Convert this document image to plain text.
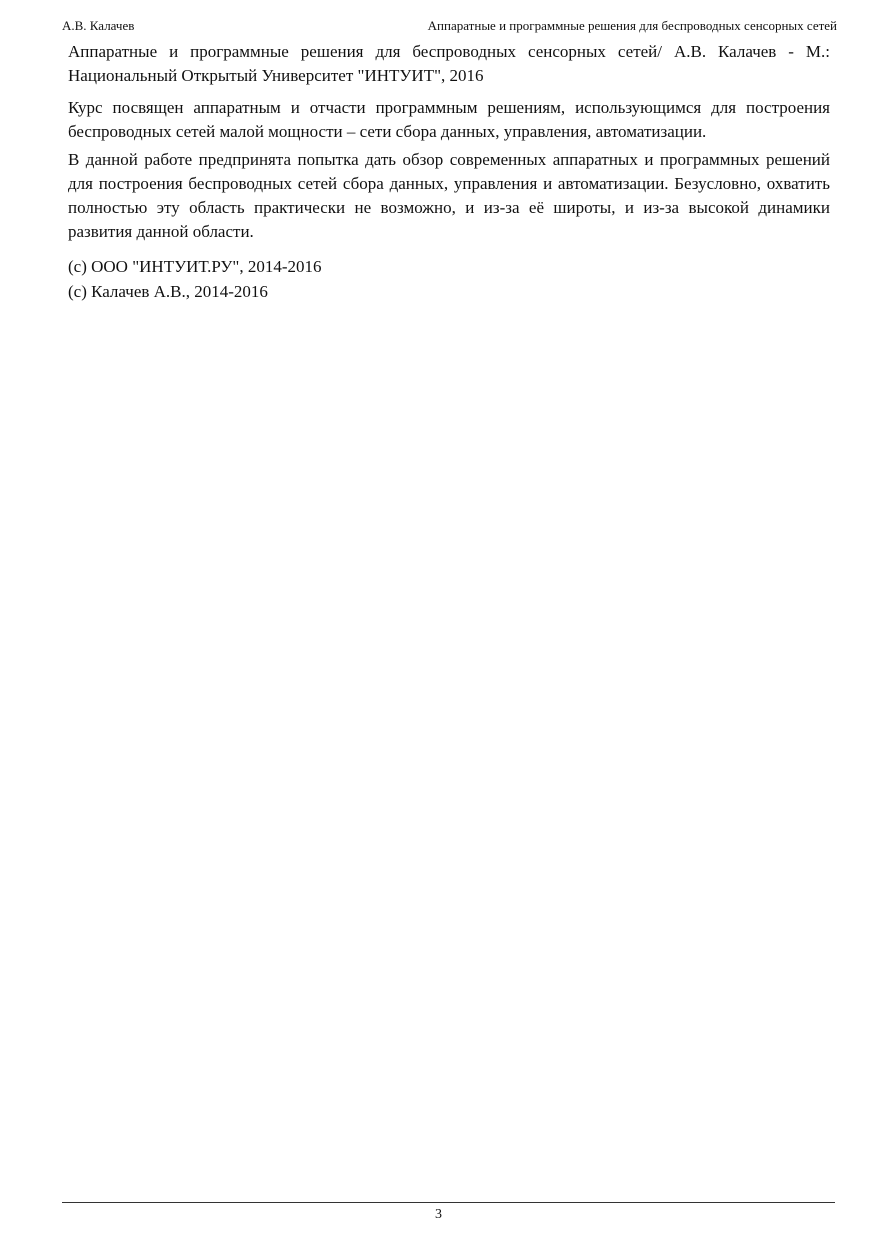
А.В. Калачев	Аппаратные и программные решения для беспроводных сенсорных сетей

Аппаратные и программные решения для беспроводных сенсорных сетей/ А.В. Калачев - М.: Национальный Открытый Университет "ИНТУИТ", 2016

Курс посвящен аппаратным и отчасти программным решениям, использующимся для построения беспроводных сетей малой мощности – сети сбора данных, управления, автоматизации.

В данной работе предпринята попытка дать обзор современных аппаратных и программных решений для построения беспроводных сетей сбора данных, управления и автоматизации. Безусловно, охватить полностью эту область практически не возможно, и из-за её широты, и из-за высокой динамики развития данной области.

(c) ООО "ИНТУИТ.РУ", 2014-2016
(c) Калачев А.В., 2014-2016
3
